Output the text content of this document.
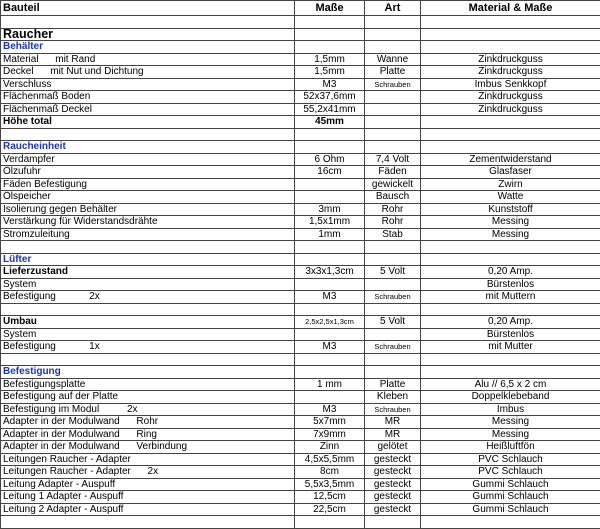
Bauteil	Maße	Art	Material & Maße

Raucher			
Behälter			
Material      mit Rand	1,5mm	Wanne	Zinkdruckguss
Deckel      mit Nut und Dichtung	1,5mm	Platte	Zinkdruckguss
Verschluss	M3	Schrauben	Imbus Senkkopf
Flächenmaß Boden	52x37,6mm		Zinkdruckguss
Flächenmaß Deckel	55,2x41mm		Zinkdruckguss
Höhe total	45mm		

Raucheinheit			
Verdampfer	6 Ohm	7,4 Volt	Zementwiderstand
Ölzufuhr	16cm	Fäden	Glasfaser
Fäden Befestigung		gewickelt	Zwirn
Ölspeicher		Bausch	Watte
Isolierung gegen Behälter	3mm	Rohr	Kunststoff
Verstärkung für Widerstandsdrähte	1,5x1mm	Rohr	Messing
Stromzuleitung	1mm	Stab	Messing

Lüfter			
Lieferzustand	3x3x1,3cm	5 Volt	0,20 Amp.
System			Bürstenlos
Befestigung            2x	M3	Schrauben	mit Muttern

Umbau	2,5x2,5x1,3cm	5 Volt	0,20 Amp.
System			Bürstenlos
Befestigung            1x	M3	Schrauben	mit Mutter

Befestigung			
Befestigungsplatte	1 mm	Platte	Alu // 6,5 x 2 cm
Befestigung auf der Platte		Kleben	Doppelklebeband
Befestigung im Modul          2x	M3	Schrauben	Imbus
Adapter in der Modulwand      Rohr	5x7mm	MR	Messing
Adapter in der Modulwand      Ring	7x9mm	MR	Messing
Adapter in der Modulwand      Verbindung	Zinn	gelötet	Heißluftfön
Leitungen Raucher - Adapter	4,5x5,5mm	gesteckt	PVC Schlauch
Leitungen Raucher - Adapter      2x	8cm	gesteckt	PVC Schlauch
Leitung Adapter - Auspuff	5,5x3,5mm	gesteckt	Gummi Schlauch
Leitung 1 Adapter - Auspuff	12,5cm	gesteckt	Gummi Schlauch
Leitung 2 Adapter - Auspuff	22,5cm	gesteckt	Gummi Schlauch
